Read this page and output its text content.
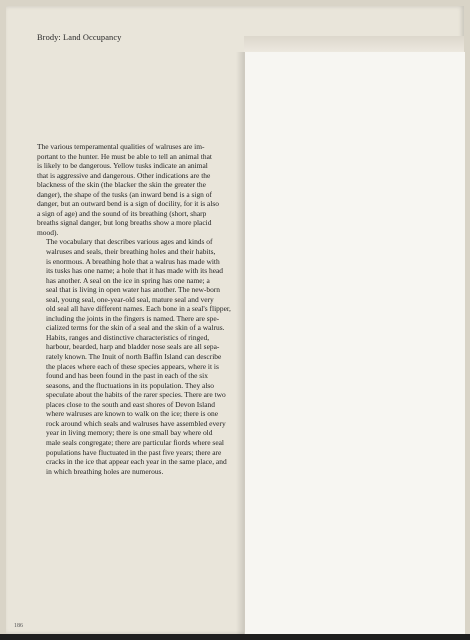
Brody: Land Occupancy

The various temperamental qualities of walruses are im-
portant to the hunter. He must be able to tell an animal that
is likely to be dangerous. Yellow tusks indicate an animal
that is aggressive and dangerous. Other indications are the
blackness of the skin (the blacker the skin the greater the
danger), the shape of the tusks (an inward bend is a sign of
danger, but an outward bend is a sign of docility, for it is also
a sign of age) and the sound of its breathing (short, sharp
breaths signal danger, but long breaths show a more placid
mood).

The vocabulary that describes various ages and kinds of
walruses and seals, their breathing holes and their habits,
is enormous. A breathing hole that a walrus has made with
its tusks has one name; a hole that it has made with its head
has another. A seal on the ice in spring has one name; a
seal that is living in open water has another. The new-born
seal, young seal, one-year-old seal, mature seal and very
old seal all have different names. Each bone in a seal's flipper,
including the joints in the fingers is named. There are spe-
cialized terms for the skin of a seal and the skin of a walrus.
Habits, ranges and distinctive characteristics of ringed,
harbour, bearded, harp and bladder nose seals are all sepa-
rately known. The Inuit of north Baffin Island can describe
the places where each of these species appears, where it is
found and has been found in the past in each of the six
seasons, and the fluctuations in its population. They also
speculate about the habits of the rarer species. There are two
places close to the south and east shores of Devon Island
where walruses are known to walk on the ice; there is one
rock around which seals and walruses have assembled every
year in living memory; there is one small bay where old
male seals congregate; there are particular fiords where seal
populations have fluctuated in the past five years; there are
cracks in the ice that appear each year in the same place, and
in which breathing holes are numerous.

186
